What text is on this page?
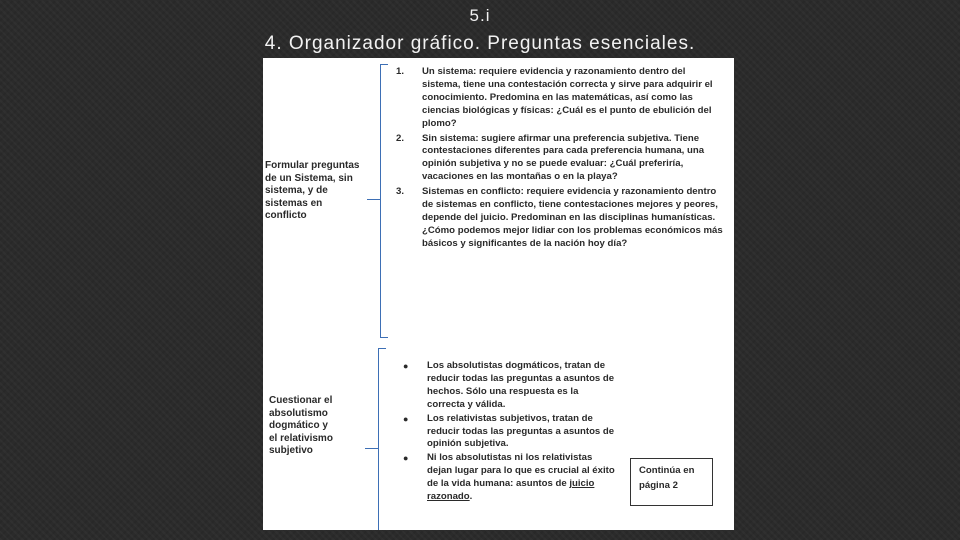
5.i
4. Organizador gráfico. Preguntas esenciales.
Formular preguntas
de un Sistema, sin
sistema, y de
sistemas en
conflicto
1.	Un sistema: requiere evidencia y razonamiento dentro del sistema, tiene una contestación correcta y sirve para adquirir el conocimiento. Predomina en las matemáticas, así como las ciencias biológicas y físicas: ¿Cuál es el punto de ebulición del plomo?
2.	Sin sistema: sugiere afirmar una preferencia subjetiva. Tiene contestaciones diferentes para cada preferencia humana, una opinión subjetiva y no se puede evaluar: ¿Cuál preferiría, vacaciones en las montañas o en la playa?
3.	Sistemas en conflicto: requiere evidencia y razonamiento dentro de sistemas en conflicto, tiene contestaciones mejores y peores, depende del juicio. Predominan en las disciplinas humanísticas. ¿Cómo podemos mejor lidiar con los problemas económicos más básicos y significantes de la nación hoy día?
Cuestionar el
absolutismo
dogmático y
el relativismo
subjetivo
●	Los absolutistas dogmáticos, tratan de reducir todas las preguntas a asuntos de hechos. Sólo una respuesta es la correcta y válida.
●	Los relativistas subjetivos, tratan de reducir todas las preguntas a asuntos de opinión subjetiva.
●	Ni los absolutistas ni los relativistas dejan lugar para lo que es crucial al éxito de la vida humana: asuntos de juicio razonado.
Continúa en
página 2
